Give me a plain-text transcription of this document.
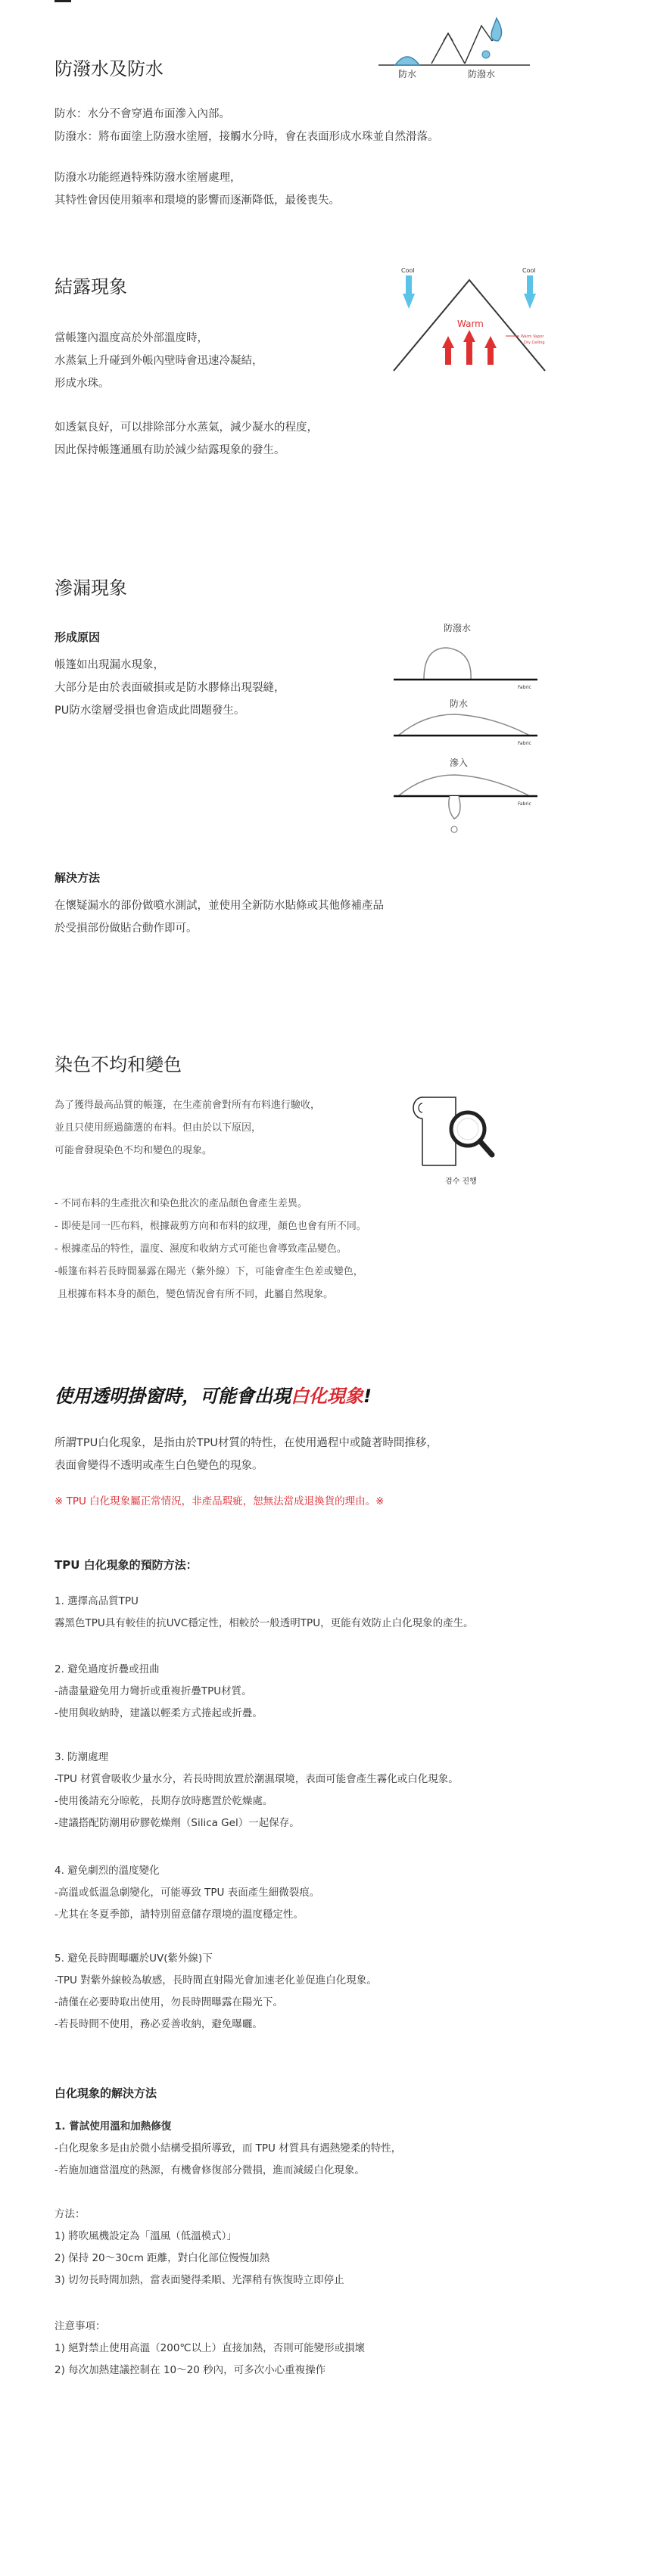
防潑水及防水	防水	防潑水

防水：水分不會穿過布面滲入內部。

防潑水：將布面塗上防潑水塗層，接觸水分時，會在表面形成水珠並自然滑落。

防潑水功能經過特殊防潑水塗層處理，

其特性會因使用頻率和環境的影響而逐漸降低，最後喪失。

結露現象
Cool	Cool
Warm
Warm Vapor
Dry Ceiling

當帳篷內溫度高於外部溫度時，

水蒸氣上升碰到外帳內壁時會迅速冷凝結，

形成水珠。

如透氣良好，可以排除部分水蒸氣，減少凝水的程度，

因此保持帳篷通風有助於減少結露現象的發生。

滲漏現象
形成原因

帳篷如出現漏水現象，

大部分是由於表面破損或是防水膠條出現裂縫，

PU防水塗層受損也會造成此問題發生。

防潑水
Fabric
防水
Fabric
滲入
Fabric
解決方法

在懷疑漏水的部份做噴水測試，並使用全新防水貼條或其他修補產品

於受損部份做貼合動作即可。

染色不均和變色

為了獲得最高品質的帳篷，在生產前會對所有布料進行驗收，

並且只使用經過篩選的布料。但由於以下原因，

可能會發現染色不均和變色的現象。

검수 진행

- 不同布料的生產批次和染色批次的產品顏色會產生差異。

- 即使是同一匹布料，根據裁剪方向和布料的紋理，顏色也會有所不同。

- 根據產品的特性，溫度、濕度和收納方式可能也會導致產品變色。

-帳篷布料若長時間暴露在陽光（紫外線）下，可能會產生色差或變色，

且根據布料本身的顏色，變色情況會有所不同，此屬自然現象。

使用透明掛窗時，可能會出現白化現象!

所謂TPU白化現象，是指由於TPU材質的特性，在使用過程中或隨著時間推移，

表面會變得不透明或產生白色變色的現象。

※ TPU 白化現象屬正常情況，非產品瑕疵，恕無法當成退換貨的理由。※
TPU 白化現象的預防方法：

1. 選擇高品質TPU

霧黑色TPU具有較佳的抗UVC穩定性，相較於一般透明TPU，更能有效防止白化現象的產生。

2. 避免過度折疊或扭曲

-請盡量避免用力彎折或重複折疊TPU材質。

-使用與收納時，建議以輕柔方式捲起或折疊。

3. 防潮處理

-TPU 材質會吸收少量水分，若長時間放置於潮濕環境，表面可能會產生霧化或白化現象。

-使用後請充分晾乾，長期存放時應置於乾燥處。

-建議搭配防潮用矽膠乾燥劑（Silica Gel）一起保存。

4. 避免劇烈的溫度變化

-高溫或低溫急劇變化，可能導致 TPU 表面產生細微裂痕。

-尤其在冬夏季節，請特別留意儲存環境的溫度穩定性。

5. 避免長時間曝曬於UV(紫外線)下

-TPU 對紫外線較為敏感，長時間直射陽光會加速老化並促進白化現象。

-請僅在必要時取出使用，勿長時間曝露在陽光下。

-若長時間不使用，務必妥善收納，避免曝曬。

白化現象的解決方法

1. 嘗試使用溫和加熱修復

-白化現象多是由於微小結構受損所導致，而 TPU 材質具有遇熱變柔的特性，

-若施加適當溫度的熱源，有機會修復部分微損，進而減緩白化現象。

方法：

1) 將吹風機設定為「溫風（低溫模式）」

2) 保持 20～30cm 距離，對白化部位慢慢加熱

3) 切勿長時間加熱，當表面變得柔順、光澤稍有恢復時立即停止

注意事項：

1) 絕對禁止使用高溫（200℃以上）直接加熱，否則可能變形或損壞

2) 每次加熱建議控制在 10～20 秒內，可多次小心重複操作
